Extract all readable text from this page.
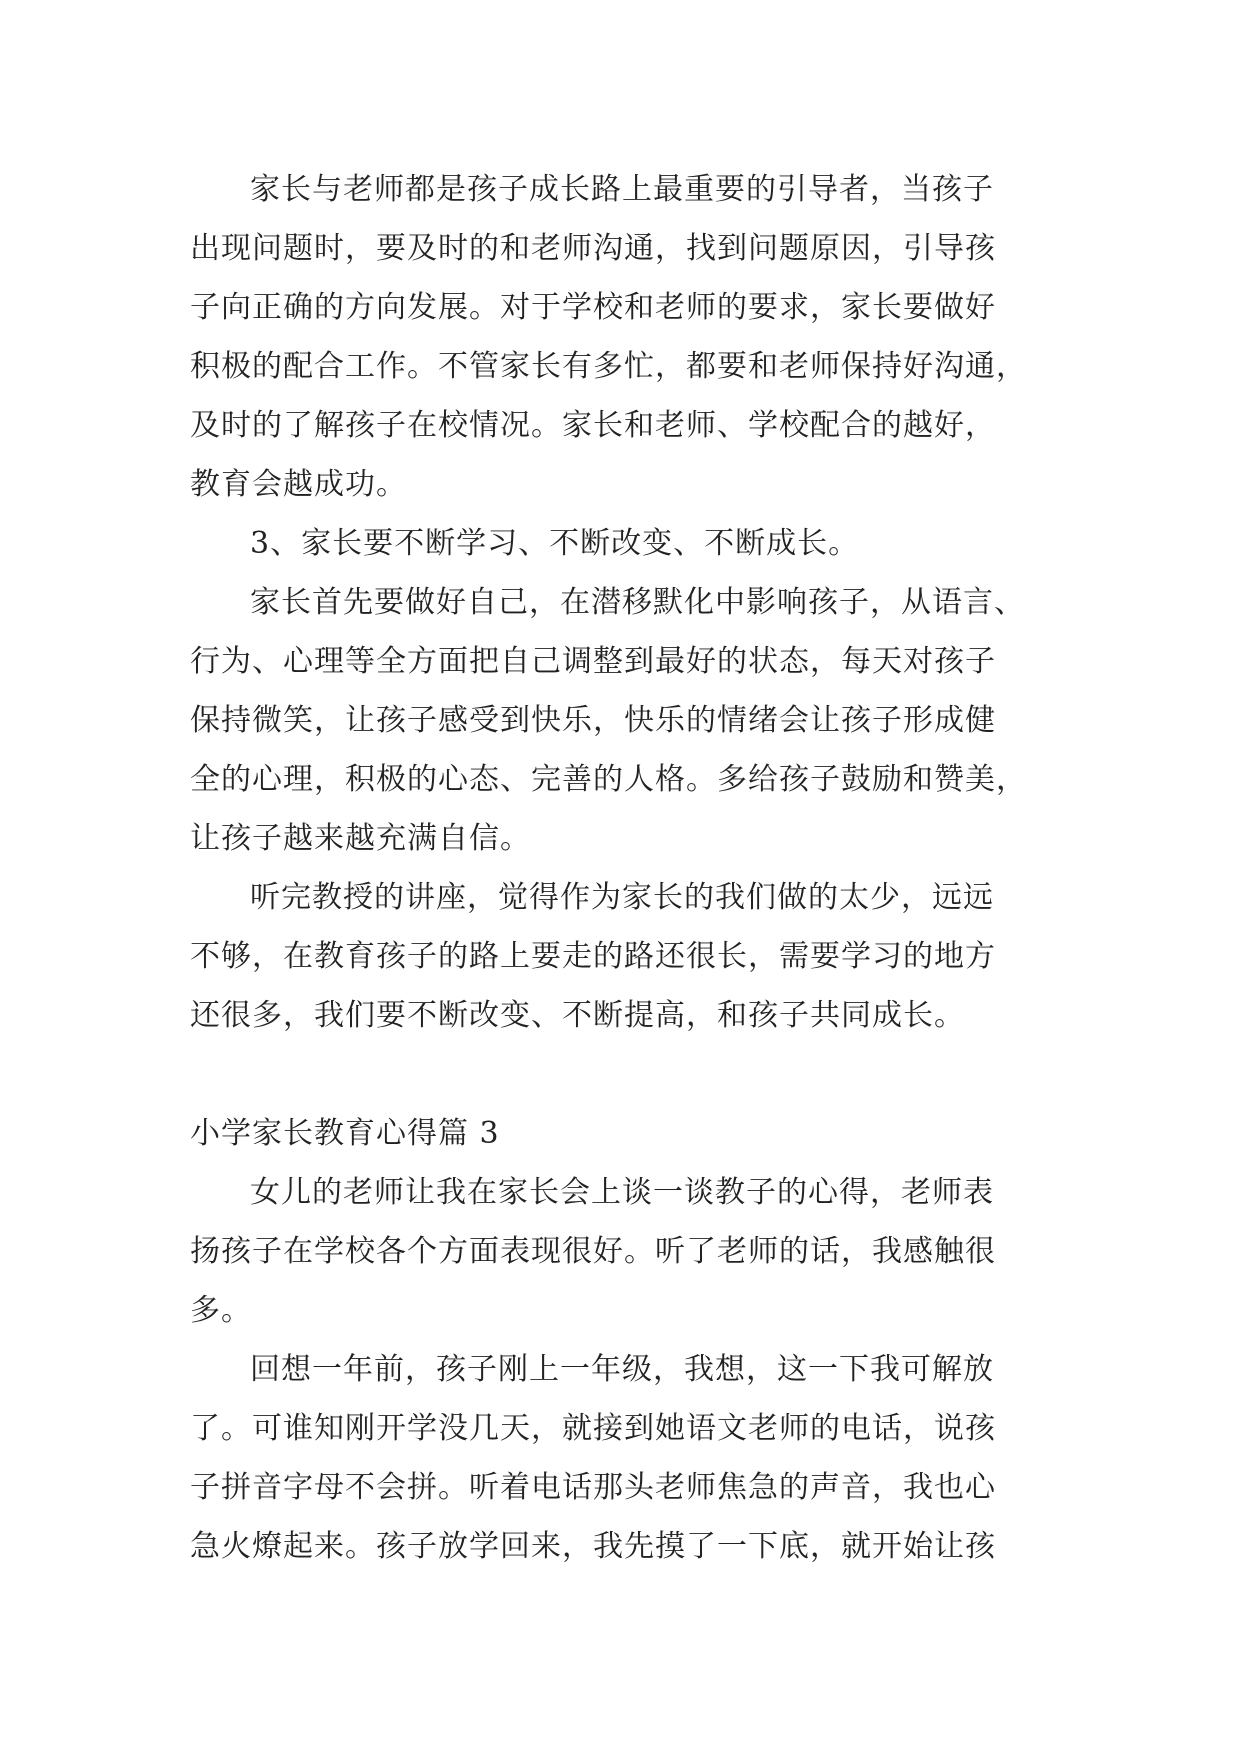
家长与老师都是孩子成长路上最重要的引导者，当孩子
出现问题时，要及时的和老师沟通，找到问题原因，引导孩
子向正确的方向发展。对于学校和老师的要求，家长要做好
积极的配合工作。不管家长有多忙，都要和老师保持好沟通，
及时的了解孩子在校情况。家长和老师、学校配合的越好，
教育会越成功。

3、家长要不断学习、不断改变、不断成长。

家长首先要做好自己，在潜移默化中影响孩子，从语言、
行为、心理等全方面把自己调整到最好的状态，每天对孩子
保持微笑，让孩子感受到快乐，快乐的情绪会让孩子形成健
全的心理，积极的心态、完善的人格。多给孩子鼓励和赞美，
让孩子越来越充满自信。

听完教授的讲座，觉得作为家长的我们做的太少，远远
不够，在教育孩子的路上要走的路还很长，需要学习的地方
还很多，我们要不断改变、不断提高，和孩子共同成长。

小学家长教育心得篇 3

女儿的老师让我在家长会上谈一谈教子的心得，老师表
扬孩子在学校各个方面表现很好。听了老师的话，我感触很
多。

回想一年前，孩子刚上一年级，我想，这一下我可解放
了。可谁知刚开学没几天，就接到她语文老师的电话，说孩
子拼音字母不会拼。听着电话那头老师焦急的声音，我也心
急火燎起来。孩子放学回来，我先摸了一下底，就开始让孩
